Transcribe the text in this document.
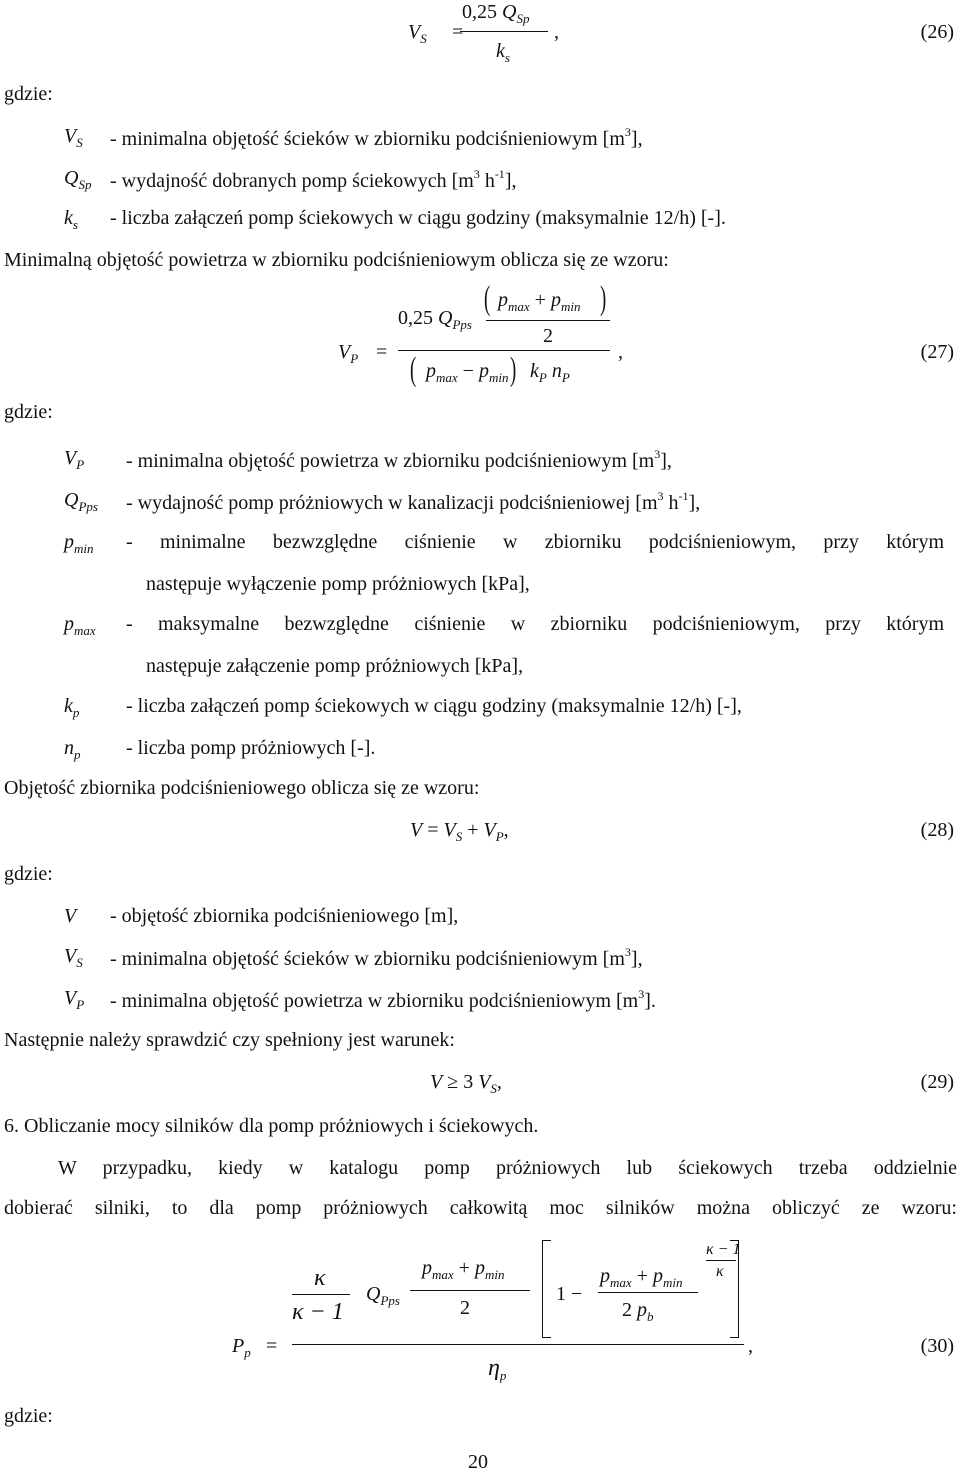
$V_S$ =
0,25 $Q_{Sp}$
$k_s$
,	(26)
gdzie:
$V_S$ - minimalna objętość ścieków w zbiorniku podciśnieniowym $[m^3]$,
$Q_{Sp}$ - wydajność dobranych pomp ściekowych [$m^3$ $h^{-1}$],
$k_s$ - liczba załączeń pomp ściekowych w ciągu godziny (maksymalnie 12/h) [-].
Minimalną objętość powietrza w zbiorniku podciśnieniowym oblicza się ze wzoru:
$V_P$ =
0,25 $Q_{Pps}$
( $p_{max} + p_{min}$ )
2
( $p_{max} - p_{min}$ ) $k_P$ $n_P$
,	(27)
gdzie:
$V_P$ - minimalna objętość powietrza w zbiorniku podciśnieniowym $[m^3]$,
$Q_{Pps}$ - wydajność pomp próżniowych w kanalizacji podciśnieniowej [$m^3$ $h^{-1}$],
$p_{min}$ - minimalne bezwzględne ciśnienie w zbiorniku podciśnieniowym, przy którym
następuje wyłączenie pomp próżniowych [kPa],
$p_{max}$ - maksymalne bezwzględne ciśnienie w zbiorniku podciśnieniowym, przy którym
następuje załączenie pomp próżniowych [kPa],
$k_p$ - liczba załączeń pomp ściekowych w ciągu godziny (maksymalnie 12/h) [-],
$n_p$ - liczba pomp próżniowych [-].
Objętość zbiornika podciśnieniowego oblicza się ze wzoru:
$V = V_S + V_P$,	(28)
gdzie:
V - objętość zbiornika podciśnieniowego [m],
$V_S$ - minimalna objętość ścieków w zbiorniku podciśnieniowym $[m^3]$,
$V_P$ - minimalna objętość powietrza w zbiorniku podciśnieniowym $[m^3]$.
Następnie należy sprawdzić czy spełniony jest warunek:
V ≥ 3 $V_S$,	(29)
6. Obliczanie mocy silników dla pomp próżniowych i ściekowych.
W przypadku, kiedy w katalogu pomp próżniowych lub ściekowych trzeba oddzielnie
dobierać silniki, to dla pomp próżniowych całkowitą moc silników można obliczyć ze wzoru:
$P_p$ =
κ
κ − 1
$Q_{Pps}$
$p_{max} + p_{min}$
2
1 −
$p_{max} + p_{min}$
2 $p_b$
κ − 1
κ
$\eta_p$
,	(30)
gdzie:
20
